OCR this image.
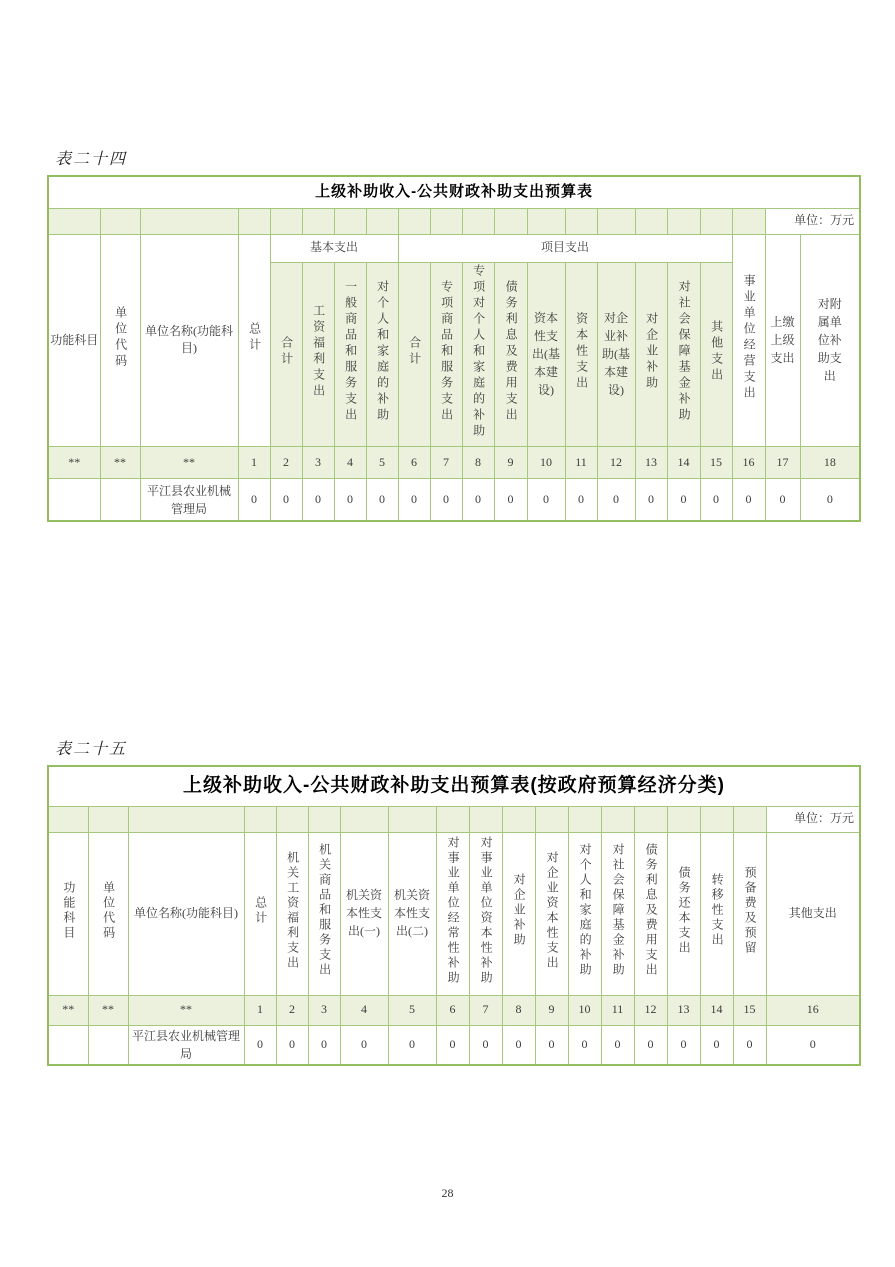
表二十四
上级补助收入-公共财政补助支出预算表																				
																			单位：万元	
功能科目	单位代码	单位名称(功能科目)	总计	基本支出				项目支出										事业单位经营支出	上缴上级支出	对附属单位补助支出
				合计	工资福利支出	一般商品和服务支出	对个人和家庭的补助	合计	专项商品和服务支出	专项对个人和家庭的补助	债务利息及费用支出	资本性支出(基本建设)	资本性支出	对企业补助(基本建设)	对企业补助	对社会保障基金补助	其他支出			
**	**	**	1	2	3	4	5	6	7	8	9	10	11	12	13	14	15	16	17	18
		平江县农业机械管理局	0	0	0	0	0	0	0	0	0	0	0	0	0	0	0	0	0	0
表二十五
上级补助收入-公共财政补助支出预算表(按政府预算经济分类)																		
																		单位：万元
功能科目	单位代码	单位名称(功能科目)	总计	机关工资福利支出	机关商品和服务支出	机关资本性支出(一)	机关资本性支出(二)	对事业单位经常性补助	对事业单位资本性补助	对企业补助	对企业资本性支出	对个人和家庭的补助	对社会保障基金补助	债务利息及费用支出	债务还本支出	转移性支出	预备费及预留	其他支出
**	**	**	1	2	3	4	5	6	7	8	9	10	11	12	13	14	15	16
		平江县农业机械管理局	0	0	0	0	0	0	0	0	0	0	0	0	0	0	0	0
28
